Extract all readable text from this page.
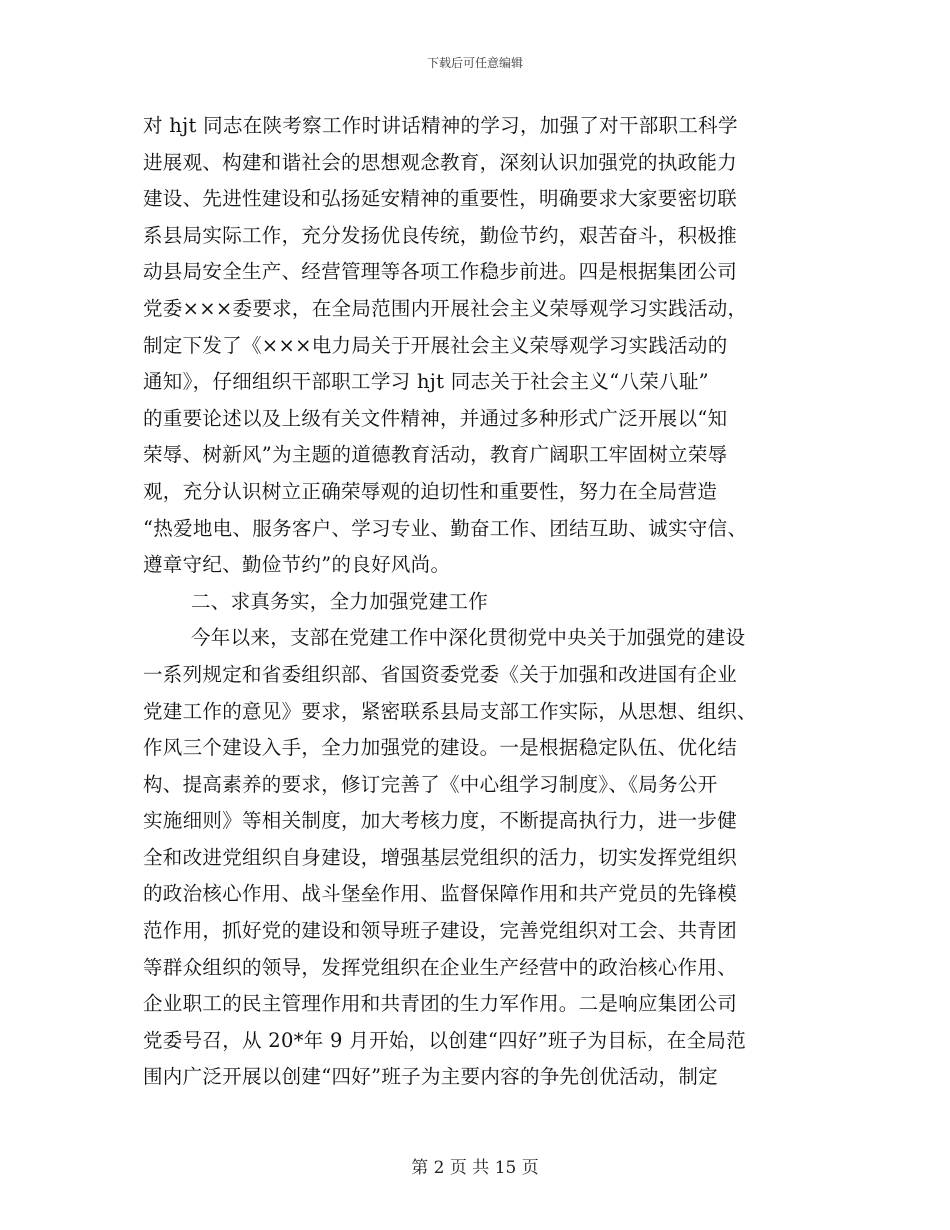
下载后可任意编辑
对 hjt 同志在陕考察工作时讲话精神的学习，加强了对干部职工科学
进展观、构建和谐社会的思想观念教育，深刻认识加强党的执政能力
建设、先进性建设和弘扬延安精神的重要性，明确要求大家要密切联
系县局实际工作，充分发扬优良传统，勤俭节约，艰苦奋斗，积极推
动县局安全生产、经营管理等各项工作稳步前进。四是根据集团公司
党委×××委要求，在全局范围内开展社会主义荣辱观学习实践活动，
制定下发了《×××电力局关于开展社会主义荣辱观学习实践活动的
通知》，仔细组织干部职工学习 hjt 同志关于社会主义“八荣八耻”
的重要论述以及上级有关文件精神，并通过多种形式广泛开展以“知
荣辱、树新风”为主题的道德教育活动，教育广阔职工牢固树立荣辱
观，充分认识树立正确荣辱观的迫切性和重要性，努力在全局营造
“热爱地电、服务客户、学习专业、勤奋工作、团结互助、诚实守信、
遵章守纪、勤俭节约”的良好风尚。
二、求真务实，全力加强党建工作
今年以来，支部在党建工作中深化贯彻党中央关于加强党的建设
一系列规定和省委组织部、省国资委党委《关于加强和改进国有企业
党建工作的意见》要求，紧密联系县局支部工作实际，从思想、组织、
作风三个建设入手，全力加强党的建设。一是根据稳定队伍、优化结
构、提高素养的要求，修订完善了《中心组学习制度》、《局务公开
实施细则》等相关制度，加大考核力度，不断提高执行力，进一步健
全和改进党组织自身建设，增强基层党组织的活力，切实发挥党组织
的政治核心作用、战斗堡垒作用、监督保障作用和共产党员的先锋模
范作用，抓好党的建设和领导班子建设，完善党组织对工会、共青团
等群众组织的领导，发挥党组织在企业生产经营中的政治核心作用、
企业职工的民主管理作用和共青团的生力军作用。二是响应集团公司
党委号召，从 20*年 9 月开始，以创建“四好”班子为目标，在全局范
围内广泛开展以创建“四好”班子为主要内容的争先创优活动，制定
第 2 页 共 15 页
